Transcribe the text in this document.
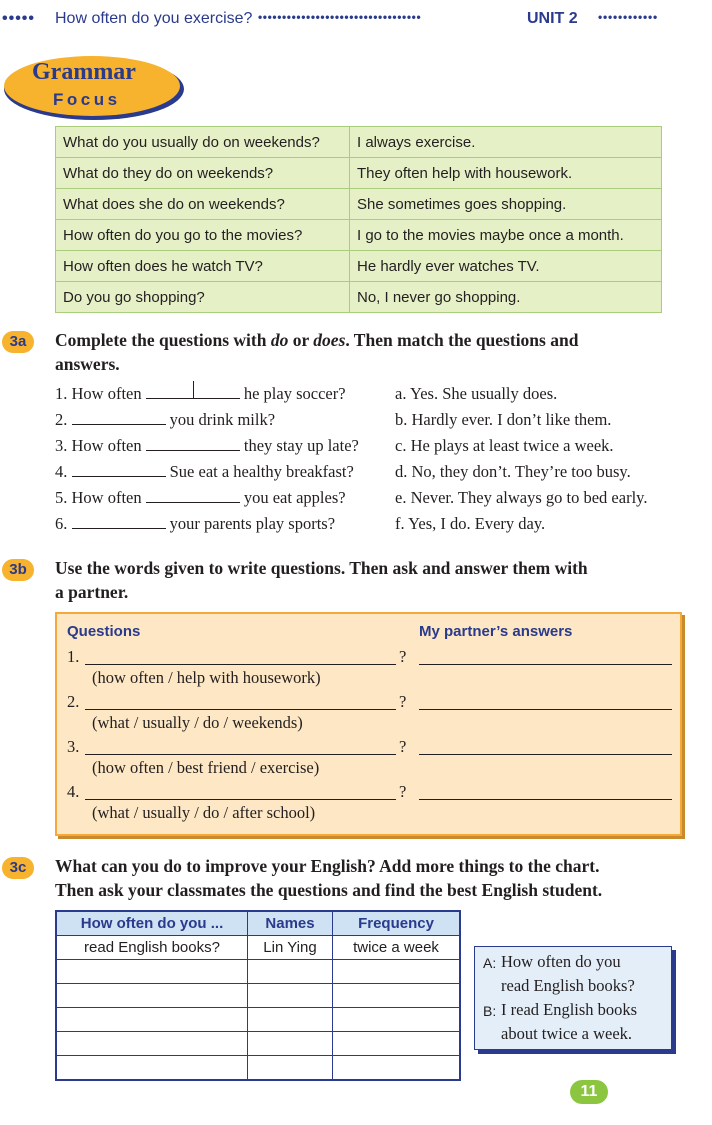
••••• How often do you exercise? ••••••••••••••••••••••••••••••••••	UNIT 2 ••••••••••••
Grammar
Focus
What do you usually do on weekends?	I always exercise.
What do they do on weekends?	They often help with housework.
What does she do on weekends?	She sometimes goes shopping.
How often do you go to the movies?	I go to the movies maybe once a month.
How often does he watch TV?	He hardly ever watches TV.
Do you go shopping?	No, I never go shopping.
3a	Complete the questions with do or does. Then match the questions and
answers.
1. How often	he play soccer?	a. Yes. She usually does.
2.	you drink milk?	b. Hardly ever. I don’t like them.
3. How often	they stay up late? c. He plays at least twice a week.
4.	Sue eat a healthy breakfast? d. No, they don’t. They’re too busy.
5. How often	you eat apples?	e. Never. They always go to bed early.
6.	your parents play sports?	f. Yes, I do. Every day.
3b	Use the words given to write questions. Then ask and answer them with
a partner.
Questions	My partner’s answers
1.	?
(how often / help with housework)
2.	?
(what / usually / do / weekends)
3.	?
(how often / best friend / exercise)
4.	?
(what / usually / do / after school)
3c	What can you do to improve your English? Add more things to the chart.
Then ask your classmates the questions and find the best English student.
How often do you ...	Names	Frequency
read English books?	Lin Ying	twice a week

A: How often do you
read English books?
B: I read English books
about twice a week.
11
